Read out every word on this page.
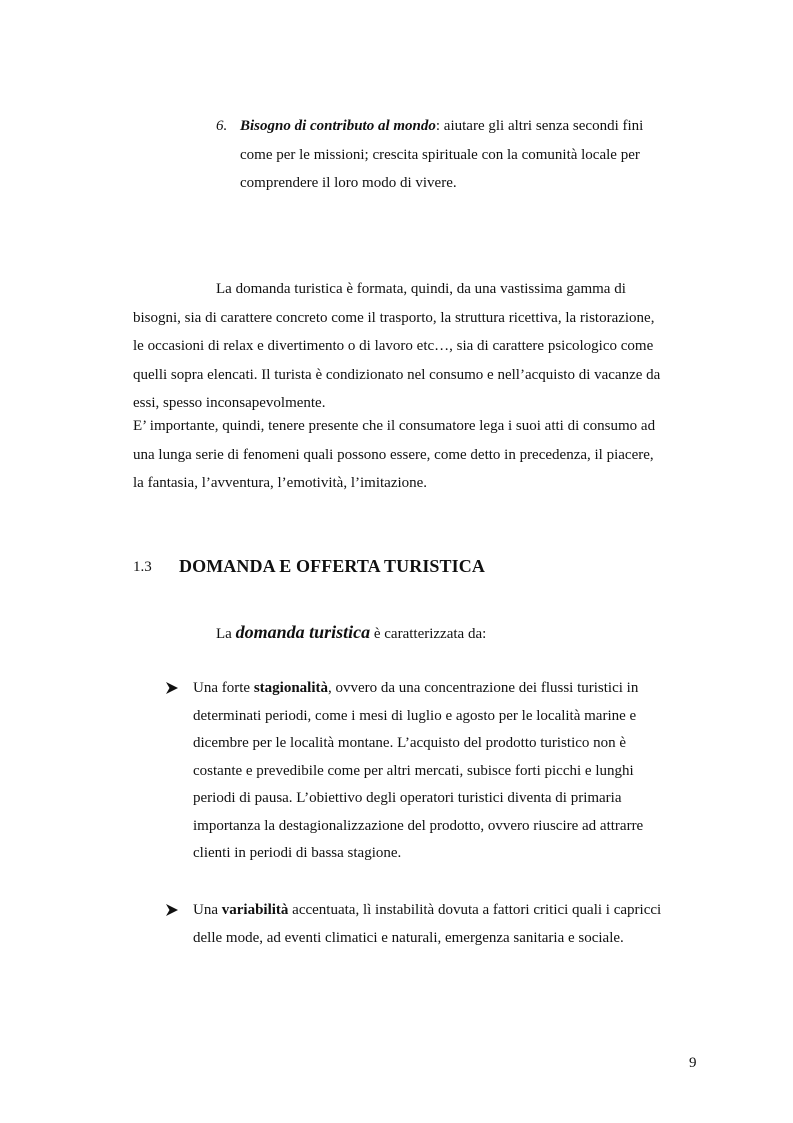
6. Bisogno di contributo al mondo: aiutare gli altri senza secondi fini
come per le missioni; crescita spirituale con la comunità locale per
comprendere il loro modo di vivere.
La domanda turistica è formata, quindi, da una vastissima gamma di
bisogni, sia di carattere concreto come il trasporto, la struttura ricettiva, la ristorazione,
le occasioni di relax e divertimento o di lavoro etc…, sia di carattere psicologico come
quelli sopra elencati. Il turista è condizionato nel consumo e nell’acquisto di vacanze da
essi, spesso inconsapevolmente.
E’ importante, quindi, tenere presente che il consumatore lega i suoi atti di consumo ad
una lunga serie di fenomeni quali possono essere, come detto in precedenza, il piacere,
la fantasia, l’avventura, l’emotività, l’imitazione.
1.3 DOMANDA E OFFERTA TURISTICA
La domanda turistica è caratterizzata da:
Una forte stagionalità, ovvero da una concentrazione dei flussi turistici in
determinati periodi, come i mesi di luglio e agosto per le località marine e
dicembre per le località montane. L’acquisto del prodotto turistico non è
costante e prevedibile come per altri mercati, subisce forti picchi e lunghi
periodi di pausa. L’obiettivo degli operatori turistici diventa di primaria
importanza la destagionalizzazione del prodotto, ovvero riuscire ad attrarre
clienti in periodi di bassa stagione.
Una variabilità accentuata, lì instabilità dovuta a fattori critici quali i capricci
delle mode, ad eventi climatici e naturali, emergenza sanitaria e sociale.
9
